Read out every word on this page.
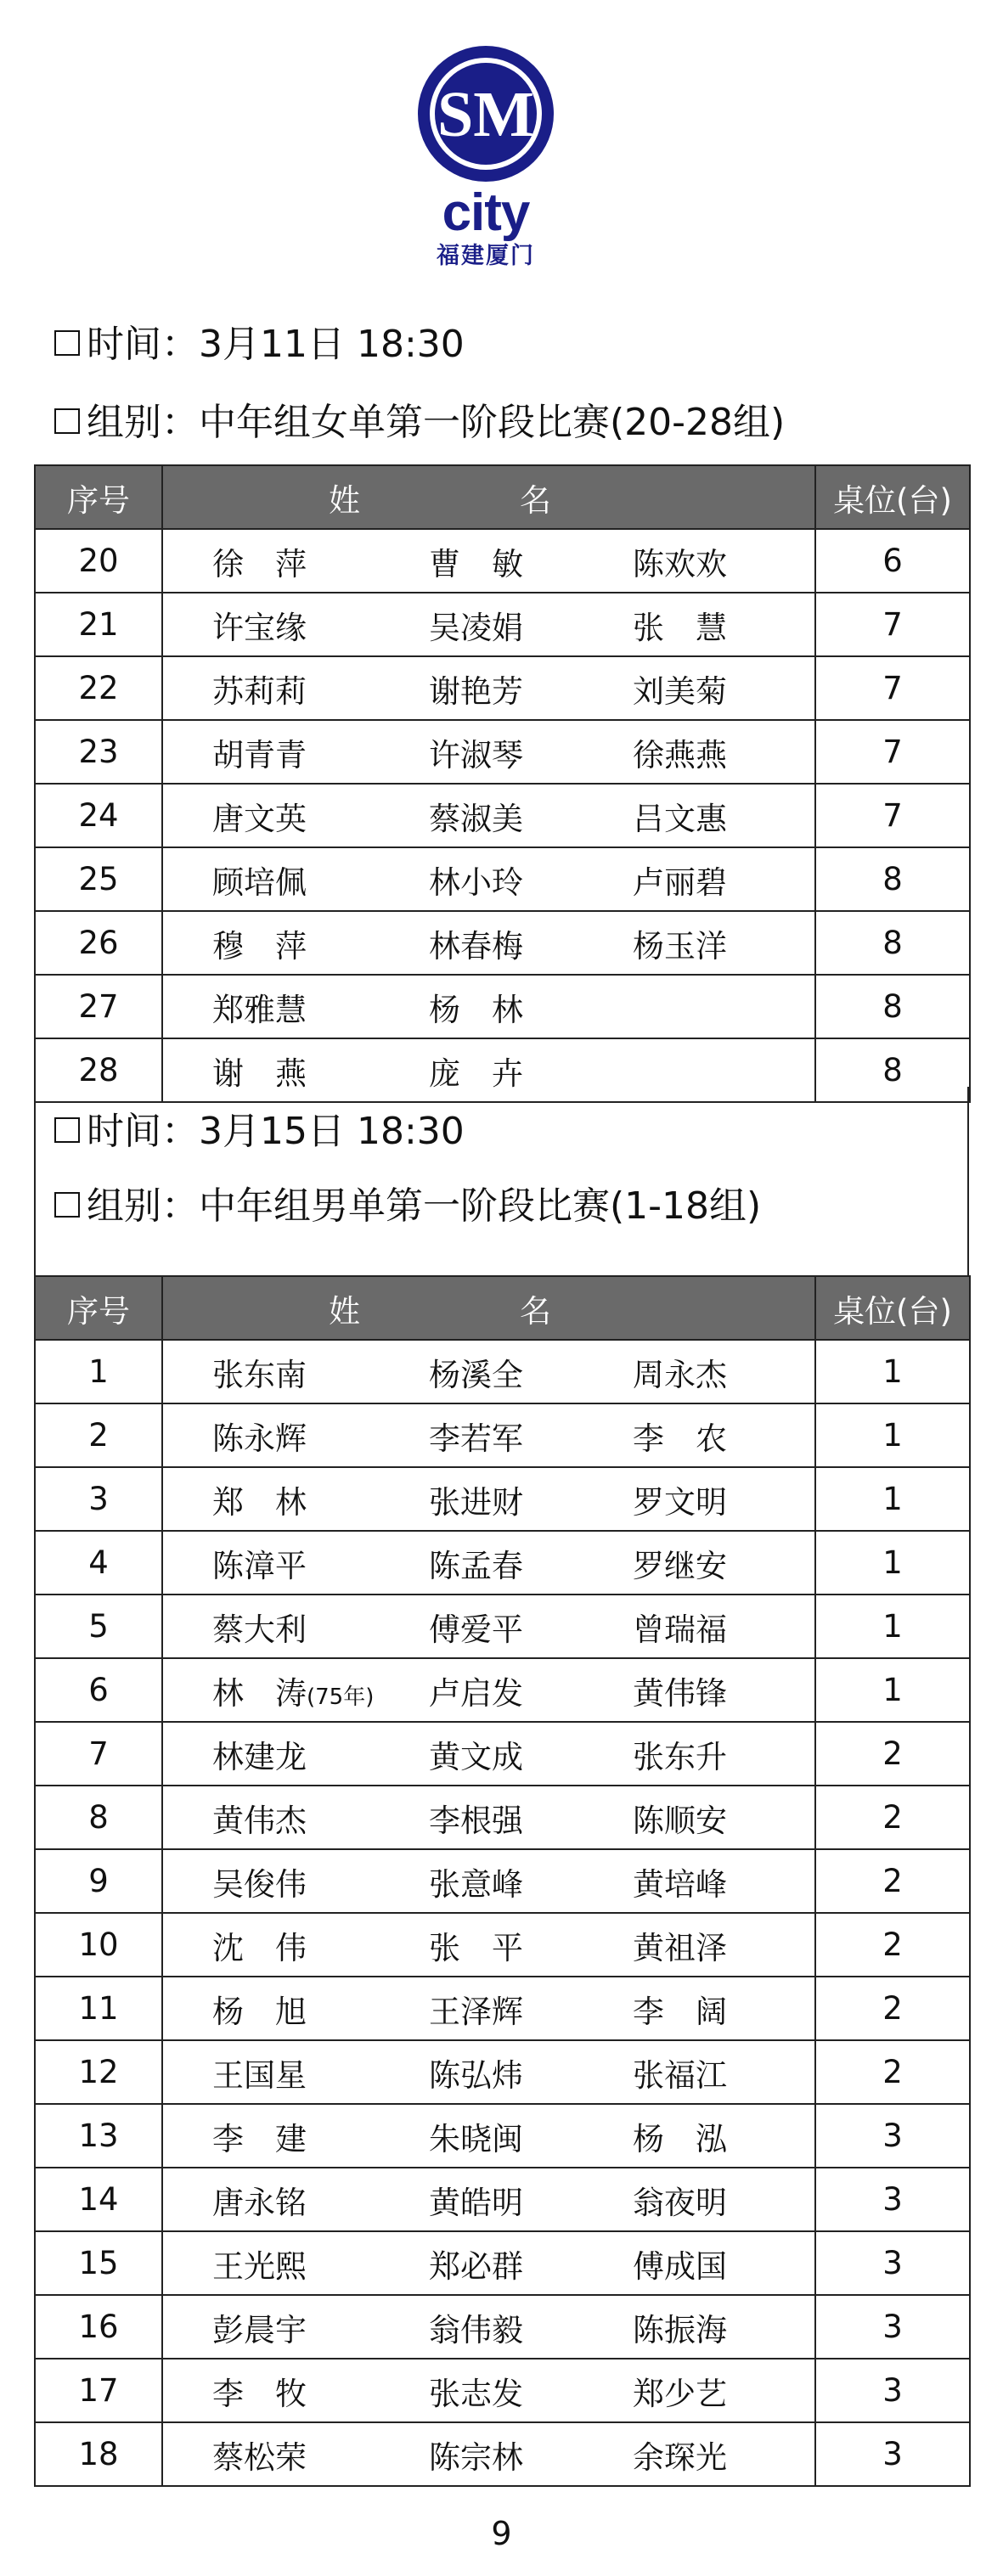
SM
city
福建厦门
时间：3月11日 18:30
组别：中年组女单第一阶段比赛(20-28组)
序号	姓 名	桌位(台)
20	徐　萍 曹　敏 陈欢欢	6
21	许宝缘 吴凌娟 张　慧	7
22	苏莉莉 谢艳芳 刘美菊	7
23	胡青青 许淑琴 徐燕燕	7
24	唐文英 蔡淑美 吕文惠	7
25	顾培佩 林小玲 卢丽碧	8
26	穆　萍 林春梅 杨玉洋	8
27	郑雅慧 杨　林	8
28	谢　燕 庞　卉	8
时间：3月15日 18:30
组别：中年组男单第一阶段比赛(1-18组)
序号	姓 名	桌位(台)
1	张东南 杨溪全 周永杰	1
2	陈永辉 李若军 李　农	1
3	郑　林 张进财 罗文明	1
4	陈漳平 陈孟春 罗继安	1
5	蔡大利 傅爱平 曾瑞福	1
6	林　涛(75年) 卢启发 黄伟锋	1
7	林建龙 黄文成 张东升	2
8	黄伟杰 李根强 陈顺安	2
9	吴俊伟 张意峰 黄培峰	2
10	沈　伟 张　平 黄祖泽	2
11	杨　旭 王泽辉 李　阔	2
12	王国星 陈弘炜 张福江	2
13	李　建 朱晓闽 杨　泓	3
14	唐永铭 黄皓明 翁夜明	3
15	王光熙 郑必群 傅成国	3
16	彭晨宇 翁伟毅 陈振海	3
17	李　牧 张志发 郑少艺	3
18	蔡松荣 陈宗林 余琛光	3
9
